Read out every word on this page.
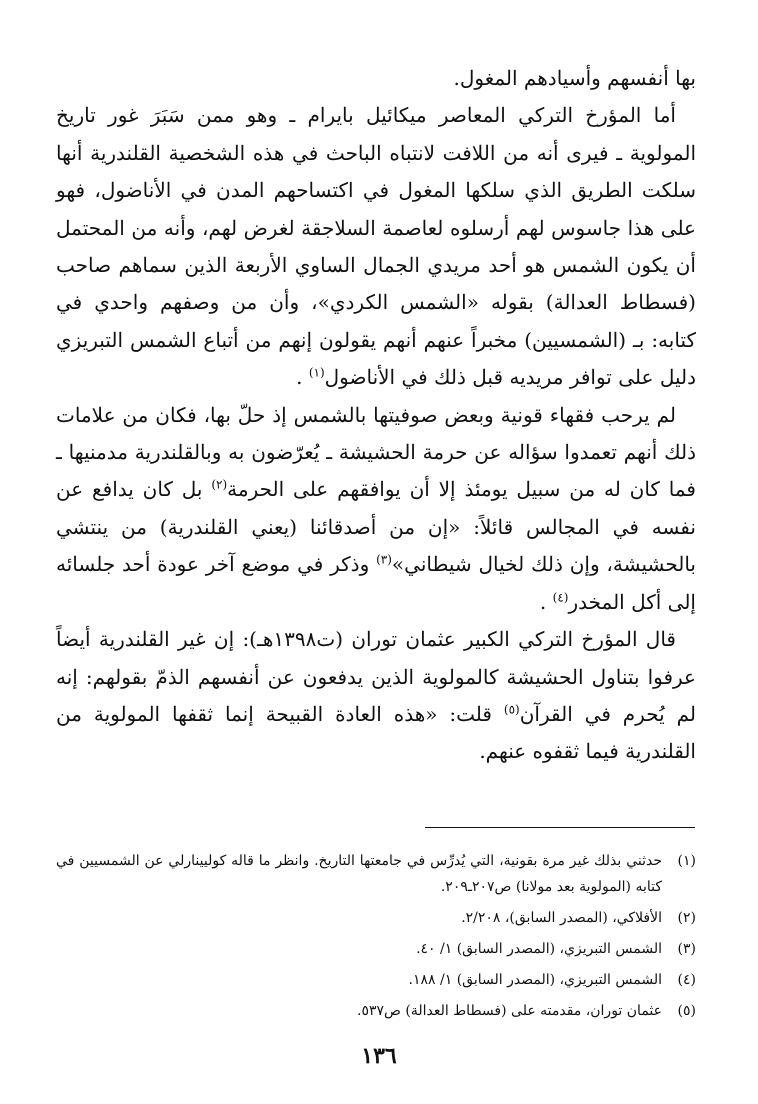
بها أنفسهم وأسيادهم المغول.

أما المؤرخ التركي المعاصر ميكائيل بايرام ـ وهو ممن سَبَرَ غور تاريخ المولوية ـ فيرى أنه من اللافت لانتباه الباحث في هذه الشخصية القلندرية أنها سلكت الطريق الذي سلكها المغول في اكتساحهم المدن في الأناضول، فهو على هذا جاسوس لهم أرسلوه لعاصمة السلاجقة لغرض لهم، وأنه من المحتمل أن يكون الشمس هو أحد مريدي الجمال الساوي الأربعة الذين سماهم صاحب (فسطاط العدالة) بقوله «الشمس الكردي»، وأن من وصفهم واحدي في كتابه: بـ (الشمسيين) مخبراً عنهم أنهم يقولون إنهم من أتباع الشمس التبريزي دليل على توافر مريديه قبل ذلك في الأناضول$^{(١)}$ .

لم يرحب فقهاء قونية وبعض صوفيتها بالشمس إذ حلّ بها، فكان من علامات ذلك أنهم تعمدوا سؤاله عن حرمة الحشيشة ـ يُعرّضون به وبالقلندرية مدمنيها ـ فما كان له من سبيل يومئذ إلا أن يوافقهم على الحرمة$^{(٢)}$ بل كان يدافع عن نفسه في المجالس قائلاً: «إن من أصدقائنا (يعني القلندرية) من ينتشي بالحشيشة، وإن ذلك لخيال شيطاني»$^{(٣)}$ وذكر في موضع آخر عودة أحد جلسائه إلى أكل المخدر$^{(٤)}$ .

قال المؤرخ التركي الكبير عثمان توران (ت١٣٩٨هـ): إن غير القلندرية أيضاً عرفوا بتناول الحشيشة كالمولوية الذين يدفعون عن أنفسهم الذمّ بقولهم: إنه لم يُحرم في القرآن$^{(٥)}$ قلت: «هذه العادة القبيحة إنما ثقفها المولوية من القلندرية فيما ثقفوه عنهم.

(١)
حدثني بذلك غير مرة بقونية، التي يُدرِّس في جامعتها التاريخ. وانظر ما قاله كوليينارلي عن الشمسيين في كتابه (المولوية بعد مولانا) ص٢٠٧ـ٢٠٩.
(٢)
الأفلاكي، (المصدر السابق)، ٢/٢٠٨.
(٣)
الشمس التبريزي، (المصدر السابق) ١/ ٤٠.
(٤)
الشمس التبريزي، (المصدر السابق) ١/ ١٨٨.
(٥)
عثمان توران، مقدمته على (فسطاط العدالة) ص٥٣٧.
١٣٦
